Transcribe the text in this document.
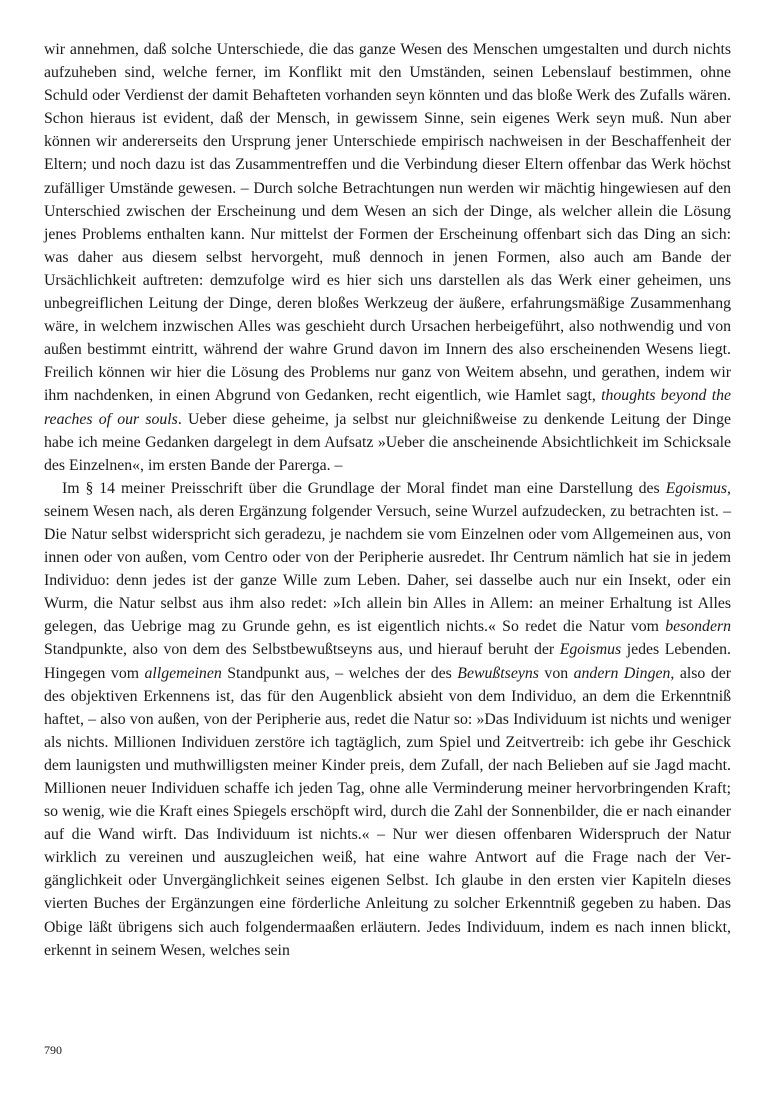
wir annehmen, daß solche Unterschiede, die das ganze Wesen des Menschen umgestalten und durch nichts aufzuheben sind, welche ferner, im Konflikt mit den Umständen, seinen Lebenslauf bestimmen, ohne Schuld oder Verdienst der damit Behafteten vorhanden seyn könnten und das bloße Werk des Zufalls wären. Schon hieraus ist evident, daß der Mensch, in gewissem Sinne, sein eigenes Werk seyn muß. Nun aber können wir andererseits den Ursprung jener Unterschiede empirisch nachweisen in der Beschaffenheit der Eltern; und noch dazu ist das Zusammentreffen und die Verbindung dieser Eltern offenbar das Werk höchst zufälliger Umstände gewesen. – Durch solche Betrachtungen nun werden wir mächtig hingewiesen auf den Unterschied zwischen der Erscheinung und dem Wesen an sich der Dinge, als welcher allein die Lösung jenes Problems enthalten kann. Nur mittelst der Formen der Erscheinung offenbart sich das Ding an sich: was daher aus diesem selbst hervorgeht, muß dennoch in jenen Formen, also auch am Bande der Ursächlichkeit auftreten: demzufolge wird es hier sich uns darstellen als das Werk einer geheimen, uns unbegreiflichen Leitung der Dinge, deren bloßes Werkzeug der äußere, erfahrungsmäßige Zusammenhang wäre, in welchem inzwischen Alles was geschieht durch Ursachen herbeigeführt, also nothwendig und von außen bestimmt eintritt, während der wahre Grund davon im Innern des also erscheinenden Wesens liegt. Freilich können wir hier die Lösung des Problems nur ganz von Weitem absehn, und gerathen, indem wir ihm nachdenken, in einen Abgrund von Gedanken, recht eigentlich, wie Hamlet sagt, thoughts beyond the reaches of our souls. Ueber diese geheime, ja selbst nur gleichnißweise zu denkende Leitung der Dinge habe ich meine Gedanken dargelegt in dem Aufsatz »Ueber die anscheinende Absichtlichkeit im Schicksale des Einzelnen«, im ersten Bande der Parerga. –

Im § 14 meiner Preisschrift über die Grundlage der Moral findet man eine Darstellung des Egoismus, seinem Wesen nach, als deren Ergänzung folgender Versuch, seine Wurzel aufzudecken, zu betrachten ist. – Die Natur selbst widerspricht sich geradezu, je nachdem sie vom Einzelnen oder vom Allgemeinen aus, von innen oder von außen, vom Centro oder von der Peripherie ausredet. Ihr Centrum nämlich hat sie in jedem Individuo: denn jedes ist der ganze Wille zum Leben. Daher, sei dasselbe auch nur ein Insekt, oder ein Wurm, die Natur selbst aus ihm also redet: »Ich allein bin Alles in Allem: an meiner Erhaltung ist Alles gelegen, das Uebrige mag zu Grunde gehn, es ist eigentlich nichts.« So redet die Natur vom besondern Standpunkte, also von dem des Selbstbewußtseyns aus, und hierauf beruht der Egoismus jedes Lebenden. Hingegen vom allgemeinen Standpunkt aus, – welches der des Bewußtseyns von andern Dingen, also der des objektiven Erkennens ist, das für den Augenblick absieht von dem Individuo, an dem die Erkenntniß haftet, – also von außen, von der Peripherie aus, redet die Natur so: »Das Individuum ist nichts und weniger als nichts. Millionen Individuen zerstöre ich tagtäglich, zum Spiel und Zeitvertreib: ich gebe ihr Geschick dem launigsten und muthwilligsten meiner Kinder preis, dem Zufall, der nach Belieben auf sie Jagd macht. Millionen neuer Individuen schaffe ich jeden Tag, ohne alle Verminderung meiner hervorbringenden Kraft; so wenig, wie die Kraft eines Spiegels erschöpft wird, durch die Zahl der Sonnenbilder, die er nach einander auf die Wand wirft. Das Individuum ist nichts.« – Nur wer diesen offenbaren Widerspruch der Natur wirklich zu vereinen und auszugleichen weiß, hat eine wahre Antwort auf die Frage nach der Vergänglichkeit oder Unvergänglichkeit seines eigenen Selbst. Ich glaube in den ersten vier Kapiteln dieses vierten Buches der Ergänzungen eine förderliche Anleitung zu solcher Erkenntniß gegeben zu haben. Das Obige läßt übrigens sich auch folgendermaaßen erläutern. Jedes Individuum, indem es nach innen blickt, erkennt in seinem Wesen, welches sein

790
